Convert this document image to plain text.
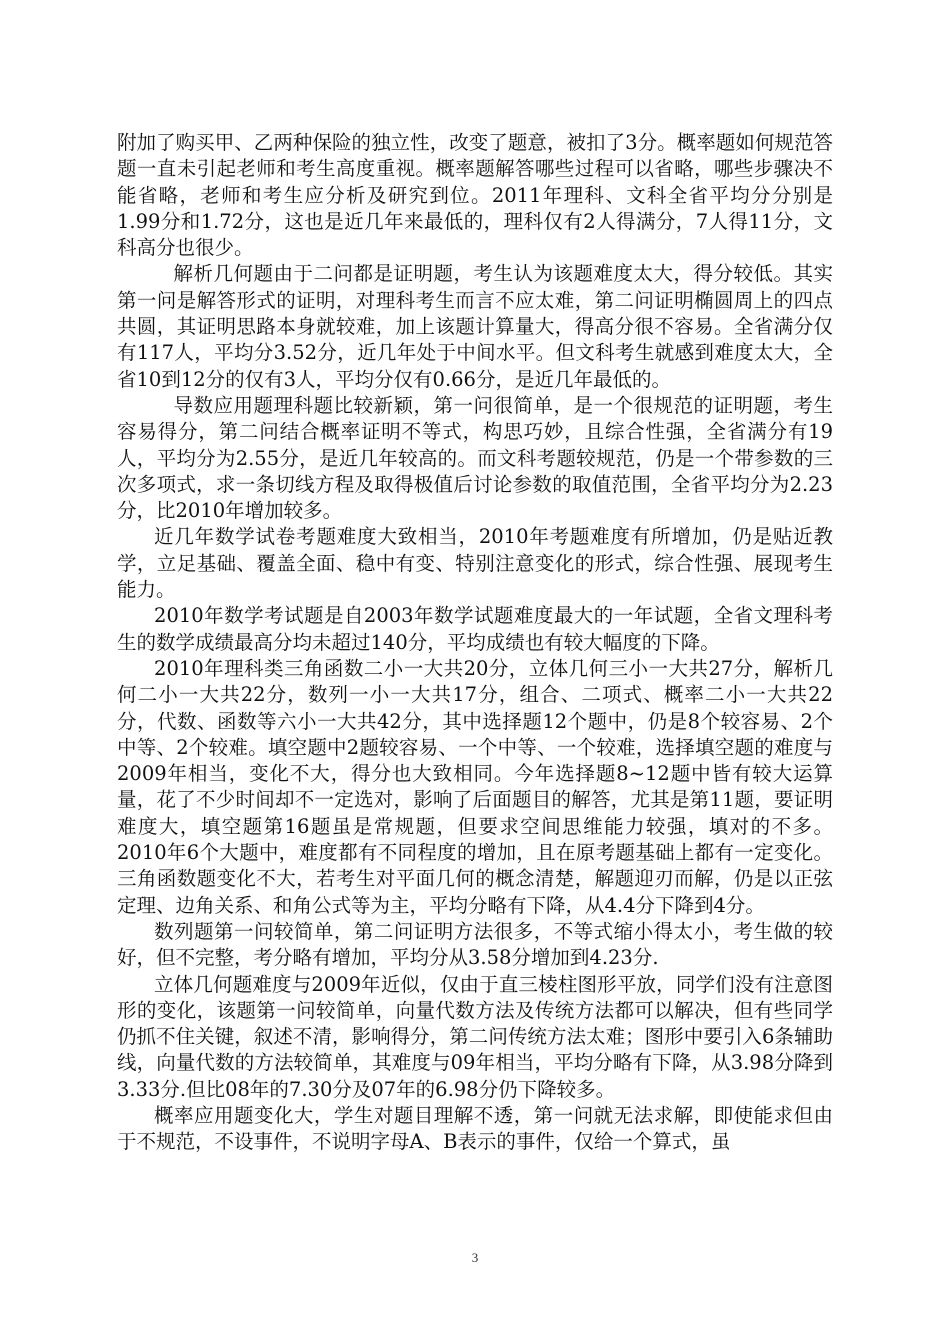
附加了购买甲、乙两种保险的独立性，改变了题意，被扣了3分。概率题如何规范答题一直未引起老师和考生高度重视。概率题解答哪些过程可以省略，哪些步骤决不能省略，老师和考生应分析及研究到位。2011年理科、文科全省平均分分别是1.99分和1.72分，这也是近几年来最低的，理科仅有2人得满分，7人得11分，文科高分也很少。

解析几何题由于二问都是证明题，考生认为该题难度太大，得分较低。其实第一问是解答形式的证明，对理科考生而言不应太难，第二问证明椭圆周上的四点共圆，其证明思路本身就较难，加上该题计算量大，得高分很不容易。全省满分仅有117人，平均分3.52分，近几年处于中间水平。但文科考生就感到难度太大，全省10到12分的仅有3人，平均分仅有0.66分，是近几年最低的。

导数应用题理科题比较新颖，第一问很简单，是一个很规范的证明题，考生容易得分，第二问结合概率证明不等式，构思巧妙，且综合性强，全省满分有19人，平均分为2.55分，是近几年较高的。而文科考题较规范，仍是一个带参数的三次多项式，求一条切线方程及取得极值后讨论参数的取值范围，全省平均分为2.23分，比2010年增加较多。

近几年数学试卷考题难度大致相当，2010年考题难度有所增加，仍是贴近教学，立足基础、覆盖全面、稳中有变、特别注意变化的形式，综合性强、展现考生能力。

2010年数学考试题是自2003年数学试题难度最大的一年试题，全省文理科考生的数学成绩最高分均未超过140分，平均成绩也有较大幅度的下降。

2010年理科类三角函数二小一大共20分，立体几何三小一大共27分，解析几何二小一大共22分，数列一小一大共17分，组合、二项式、概率二小一大共22分，代数、函数等六小一大共42分，其中选择题12个题中，仍是8个较容易、2个中等、2个较难。填空题中2题较容易、一个中等、一个较难，选择填空题的难度与2009年相当，变化不大，得分也大致相同。今年选择题8~12题中皆有较大运算量，花了不少时间却不一定选对，影响了后面题目的解答，尤其是第11题，要证明难度大，填空题第16题虽是常规题，但要求空间思维能力较强，填对的不多。2010年6个大题中，难度都有不同程度的增加，且在原考题基础上都有一定变化。三角函数题变化不大，若考生对平面几何的概念清楚，解题迎刃而解，仍是以正弦定理、边角关系、和角公式等为主，平均分略有下降，从4.4分下降到4分。

数列题第一问较简单，第二问证明方法很多，不等式缩小得太小，考生做的较好，但不完整，考分略有增加，平均分从3.58分增加到4.23分.

立体几何题难度与2009年近似，仅由于直三棱柱图形平放，同学们没有注意图形的变化，该题第一问较简单，向量代数方法及传统方法都可以解决，但有些同学仍抓不住关键，叙述不清，影响得分，第二问传统方法太难；图形中要引入6条辅助线，向量代数的方法较简单，其难度与09年相当，平均分略有下降，从3.98分降到3.33分.但比08年的7.30分及07年的6.98分仍下降较多。

概率应用题变化大，学生对题目理解不透，第一问就无法求解，即使能求但由于不规范，不设事件，不说明字母A、B表示的事件，仅给一个算式，虽

3
